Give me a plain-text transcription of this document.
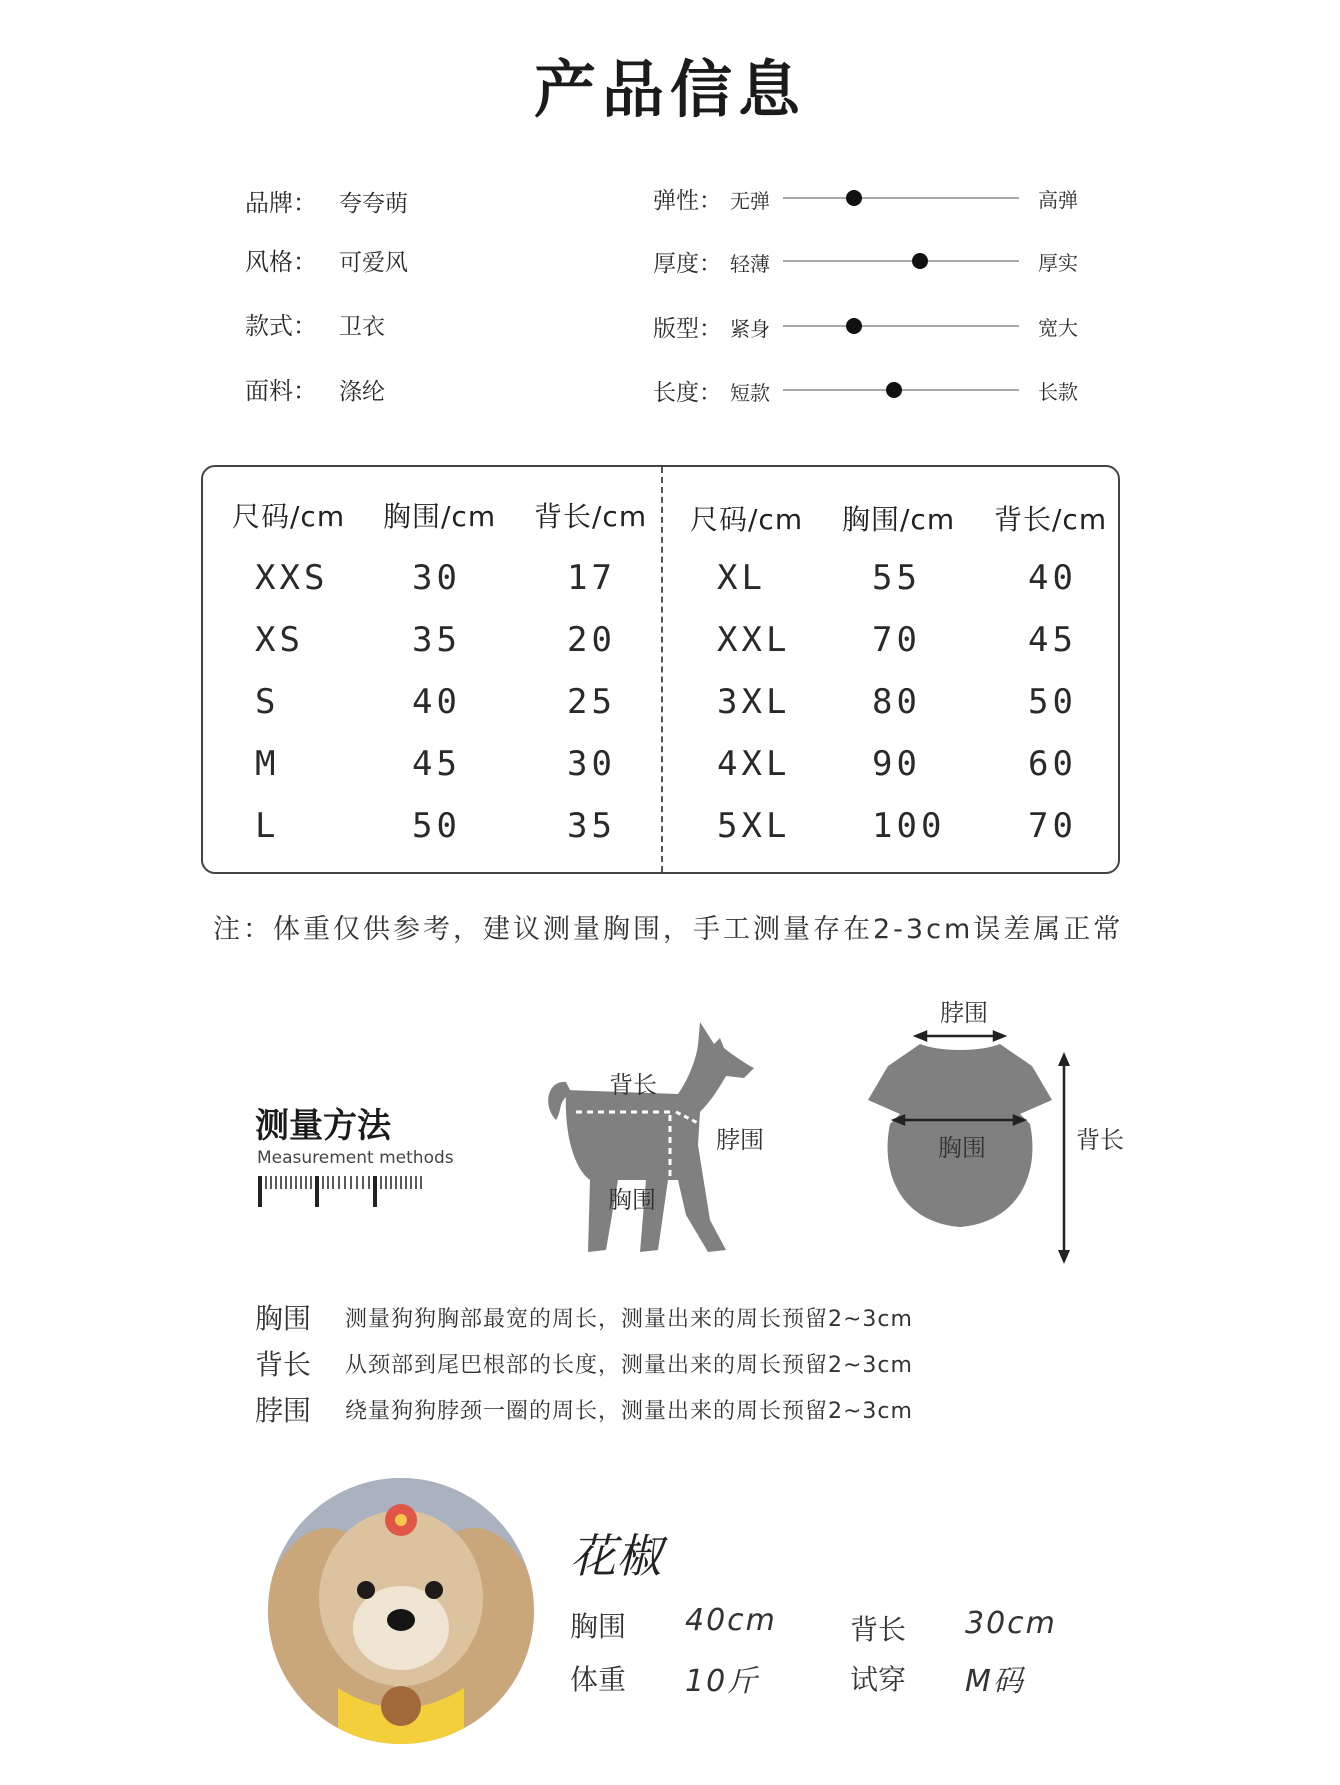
产品信息
品牌： 夸夸萌
风格： 可爱风
款式： 卫衣
面料： 涤纶
弹性： 无弹	高弹
厚度： 轻薄	厚实
版型： 紧身	宽大
长度： 短款	长款
尺码/cm 胸围/cm 背长/cm 尺码/cm 胸围/cm 背长/cm
XXS 30	17
XS	35	20
S	40	25
M	45	30
L	50	35
XL	55	40
XXL 70	45
3XL 80	50
4XL 90	60
5XL 100 70
注：体重仅供参考，建议测量胸围，手工测量存在2-3cm误差属正常
测量方法
Measurement methods
背长
脖围
胸围
脖围
胸围	背长
胸围 测量狗狗胸部最宽的周长，测量出来的周长预留2~3cm
背长 从颈部到尾巴根部的长度，测量出来的周长预留2~3cm
脖围 绕量狗狗脖颈一圈的周长，测量出来的周长预留2~3cm
花椒
胸围 40cm	背长 30cm
体重 10斤	试穿 M码
